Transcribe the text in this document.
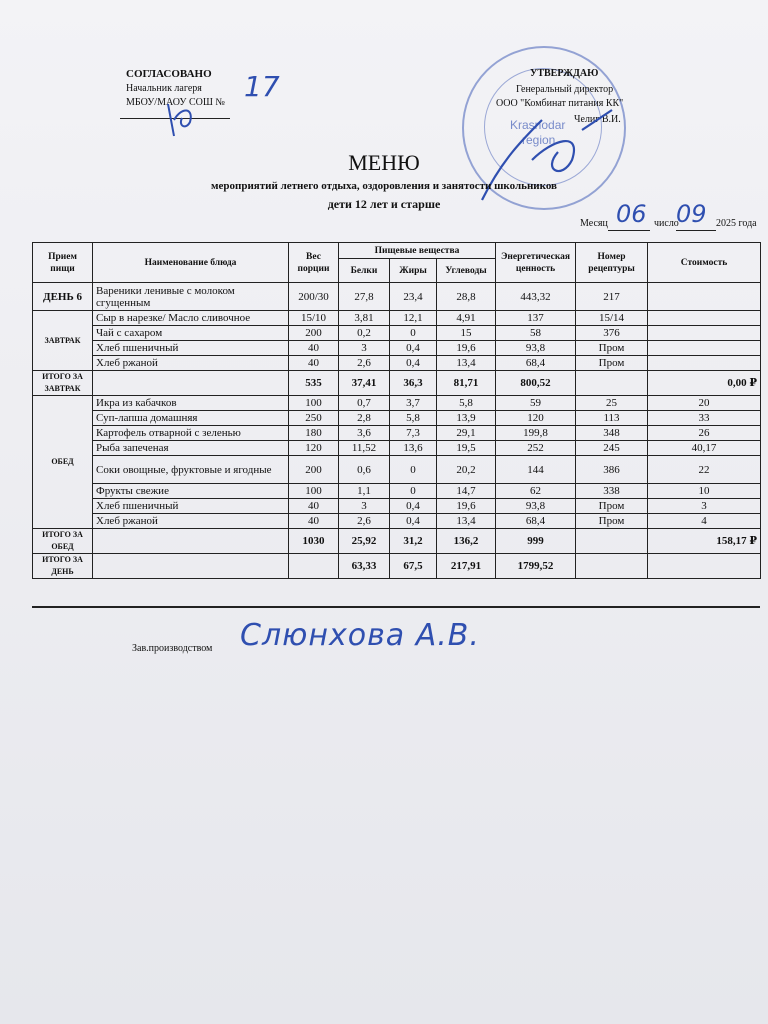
СОГЛАСОВАНО
Начальник лагеря
МБОУ/МАОУ СОШ № 17
Krasnodar
region
УТВЕРЖДАЮ
Генеральный директор
ООО "Комбинат питания КК"
Челиг В.И.
МЕНЮ
мероприятий летнего отдыха, оздоровления и занятости школьников
дети 12 лет и старше
Месяц 06 число
09 2025 года
Прием пищи	Наименование блюда	Вес порции	Пищевые вещества			Энергетическая ценность	Номер рецептуры	Стоимость
			Белки	Жиры	Углеводы			
ДЕНЬ 6	Вареники ленивые с молоком сгущенным	200/30	27,8	23,4	28,8	443,32	217	
ЗАВТРАК	Сыр в нарезке/ Масло сливочное	15/10	3,81	12,1	4,91	137	15/14	
	Чай с сахаром	200	0,2	0	15	58	376	
	Хлеб пшеничный	40	3	0,4	19,6	93,8	Пром	
	Хлеб ржаной	40	2,6	0,4	13,4	68,4	Пром	
ИТОГО ЗА ЗАВТРАК		535	37,41	36,3	81,71	800,52		0,00 ₽
ОБЕД	Икра из кабачков	100	0,7	3,7	5,8	59	25	20
	Суп-лапша домашняя	250	2,8	5,8	13,9	120	113	33
	Картофель отварной с зеленью	180	3,6	7,3	29,1	199,8	348	26
	Рыба запеченая	120	11,52	13,6	19,5	252	245	40,17
	Соки овощные, фруктовые и ягодные	200	0,6	0	20,2	144	386	22
	Фрукты свежие	100	1,1	0	14,7	62	338	10
	Хлеб пшеничный	40	3	0,4	19,6	93,8	Пром	3
	Хлеб ржаной	40	2,6	0,4	13,4	68,4	Пром	4
ИТОГО ЗА ОБЕД		1030	25,92	31,2	136,2	999		158,17 ₽
ИТОГО ЗА ДЕНЬ			63,33	67,5	217,91	1799,52		
Зав.производством Слюнхова А.В.
